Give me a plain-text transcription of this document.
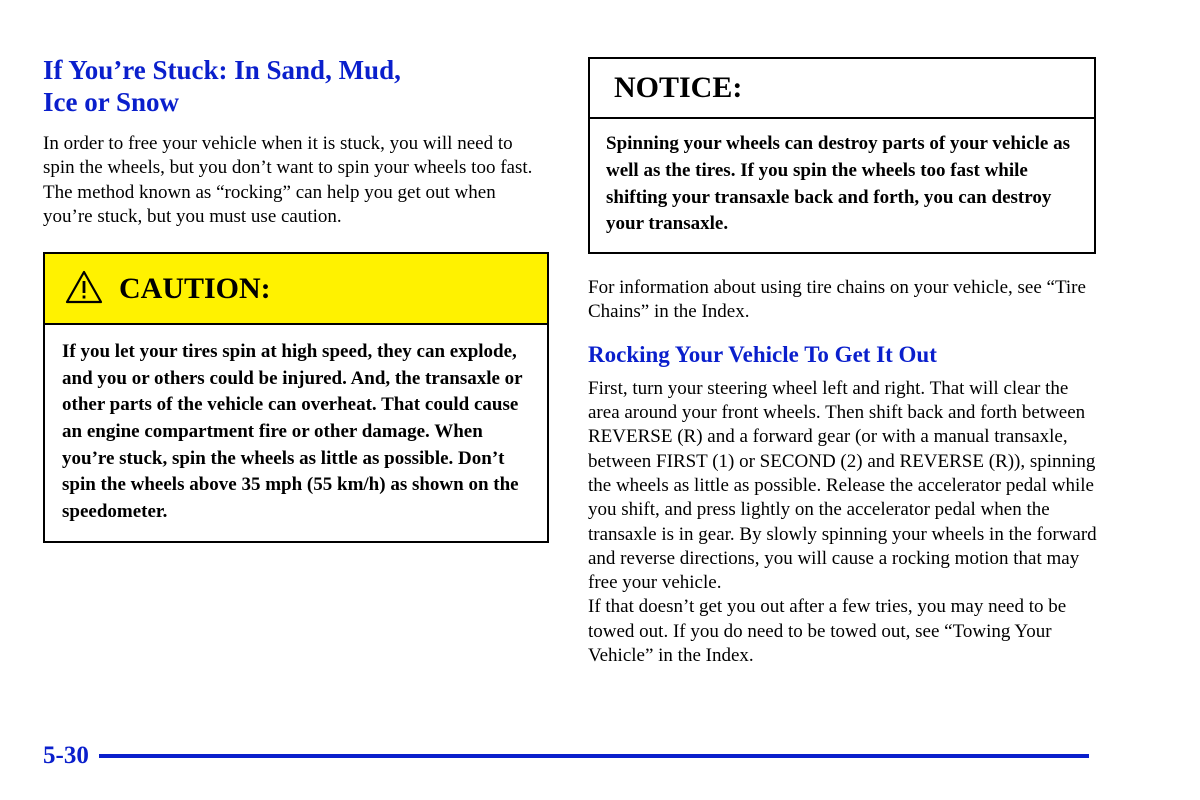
If You’re Stuck: In Sand, Mud,
Ice or Snow

In order to free your vehicle when it is stuck, you will need to spin the wheels, but you don’t want to spin your wheels too fast. The method known as “rocking” can help you get out when you’re stuck, but you must use caution.

CAUTION:
If you let your tires spin at high speed, they can explode, and you or others could be injured. And, the transaxle or other parts of the vehicle can overheat. That could cause an engine compartment fire or other damage. When you’re stuck, spin the wheels as little as possible. Don’t spin the wheels above 35 mph (55 km/h) as shown on the speedometer.
NOTICE:
Spinning your wheels can destroy parts of your vehicle as well as the tires. If you spin the wheels too fast while shifting your transaxle back and forth, you can destroy your transaxle.

For information about using tire chains on your vehicle, see “Tire Chains” in the Index.

Rocking Your Vehicle To Get It Out

First, turn your steering wheel left and right. That will clear the area around your front wheels. Then shift back and forth between REVERSE (R) and a forward gear (or with a manual transaxle, between FIRST (1) or SECOND (2) and REVERSE (R)), spinning the wheels as little as possible. Release the accelerator pedal while you shift, and press lightly on the accelerator pedal when the transaxle is in gear. By slowly spinning your wheels in the forward and reverse directions, you will cause a rocking motion that may free your vehicle.

If that doesn’t get you out after a few tries, you may need to be towed out. If you do need to be towed out, see “Towing Your Vehicle” in the Index.

5-30
